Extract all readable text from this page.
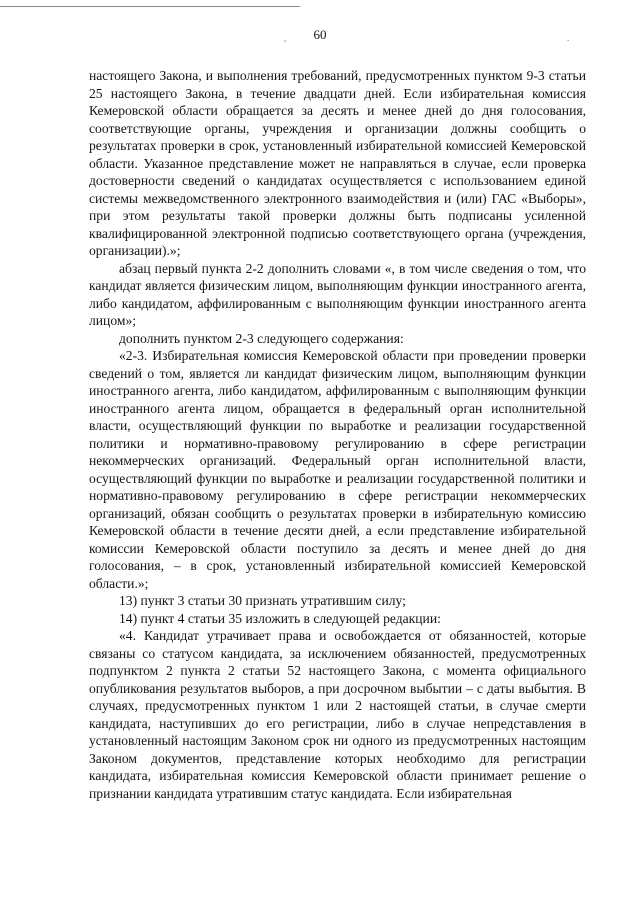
60
,	.

настоящего Закона, и выполнения требований, предусмотренных пунктом 9-3 статьи 25 настоящего Закона, в течение двадцати дней. Если избирательная комиссия Кемеровской области обращается за десять и менее дней до дня голосования, соответствующие органы, учреждения и организации должны сообщить о результатах проверки в срок, установленный избирательной комиссией Кемеровской области. Указанное представление может не направляться в случае, если проверка достоверности сведений о кандидатах осуществляется с использованием единой системы межведомственного электронного взаимодействия и (или) ГАС «Выборы», при этом результаты такой проверки должны быть подписаны усиленной квалифицированной электронной подписью соответствующего органа (учреждения, организации).»;

абзац первый пункта 2-2 дополнить словами «, в том числе сведения о том, что кандидат является физическим лицом, выполняющим функции иностранного агента, либо кандидатом, аффилированным с выполняющим функции иностранного агента лицом»;

дополнить пунктом 2-3 следующего содержания:

«2-3. Избирательная комиссия Кемеровской области при проведении проверки сведений о том, является ли кандидат физическим лицом, выполняющим функции иностранного агента, либо кандидатом, аффилированным с выполняющим функции иностранного агента лицом, обращается в федеральный орган исполнительной власти, осуществляющий функции по выработке и реализации государственной политики и нормативно-правовому регулированию в сфере регистрации некоммерческих организаций. Федеральный орган исполнительной власти, осуществляющий функции по выработке и реализации государственной политики и нормативно-правовому регулированию в сфере регистрации некоммерческих организаций, обязан сообщить о результатах проверки в избирательную комиссию Кемеровской области в течение десяти дней, а если представление избирательной комиссии Кемеровской области поступило за десять и менее дней до дня голосования, – в срок, установленный избирательной комиссией Кемеровской области.»;

13) пункт 3 статьи 30 признать утратившим силу;

14) пункт 4 статьи 35 изложить в следующей редакции:

«4. Кандидат утрачивает права и освобождается от обязанностей, которые связаны со статусом кандидата, за исключением обязанностей, предусмотренных подпунктом 2 пункта 2 статьи 52 настоящего Закона, с момента официального опубликования результатов выборов, а при досрочном выбытии – с даты выбытия. В случаях, предусмотренных пунктом 1 или 2 настоящей статьи, в случае смерти кандидата, наступивших до его регистрации, либо в случае непредставления в установленный настоящим Законом срок ни одного из предусмотренных настоящим Законом документов, представление которых необходимо для регистрации кандидата, избирательная комиссия Кемеровской области принимает решение о признании кандидата утратившим статус кандидата. Если избирательная
